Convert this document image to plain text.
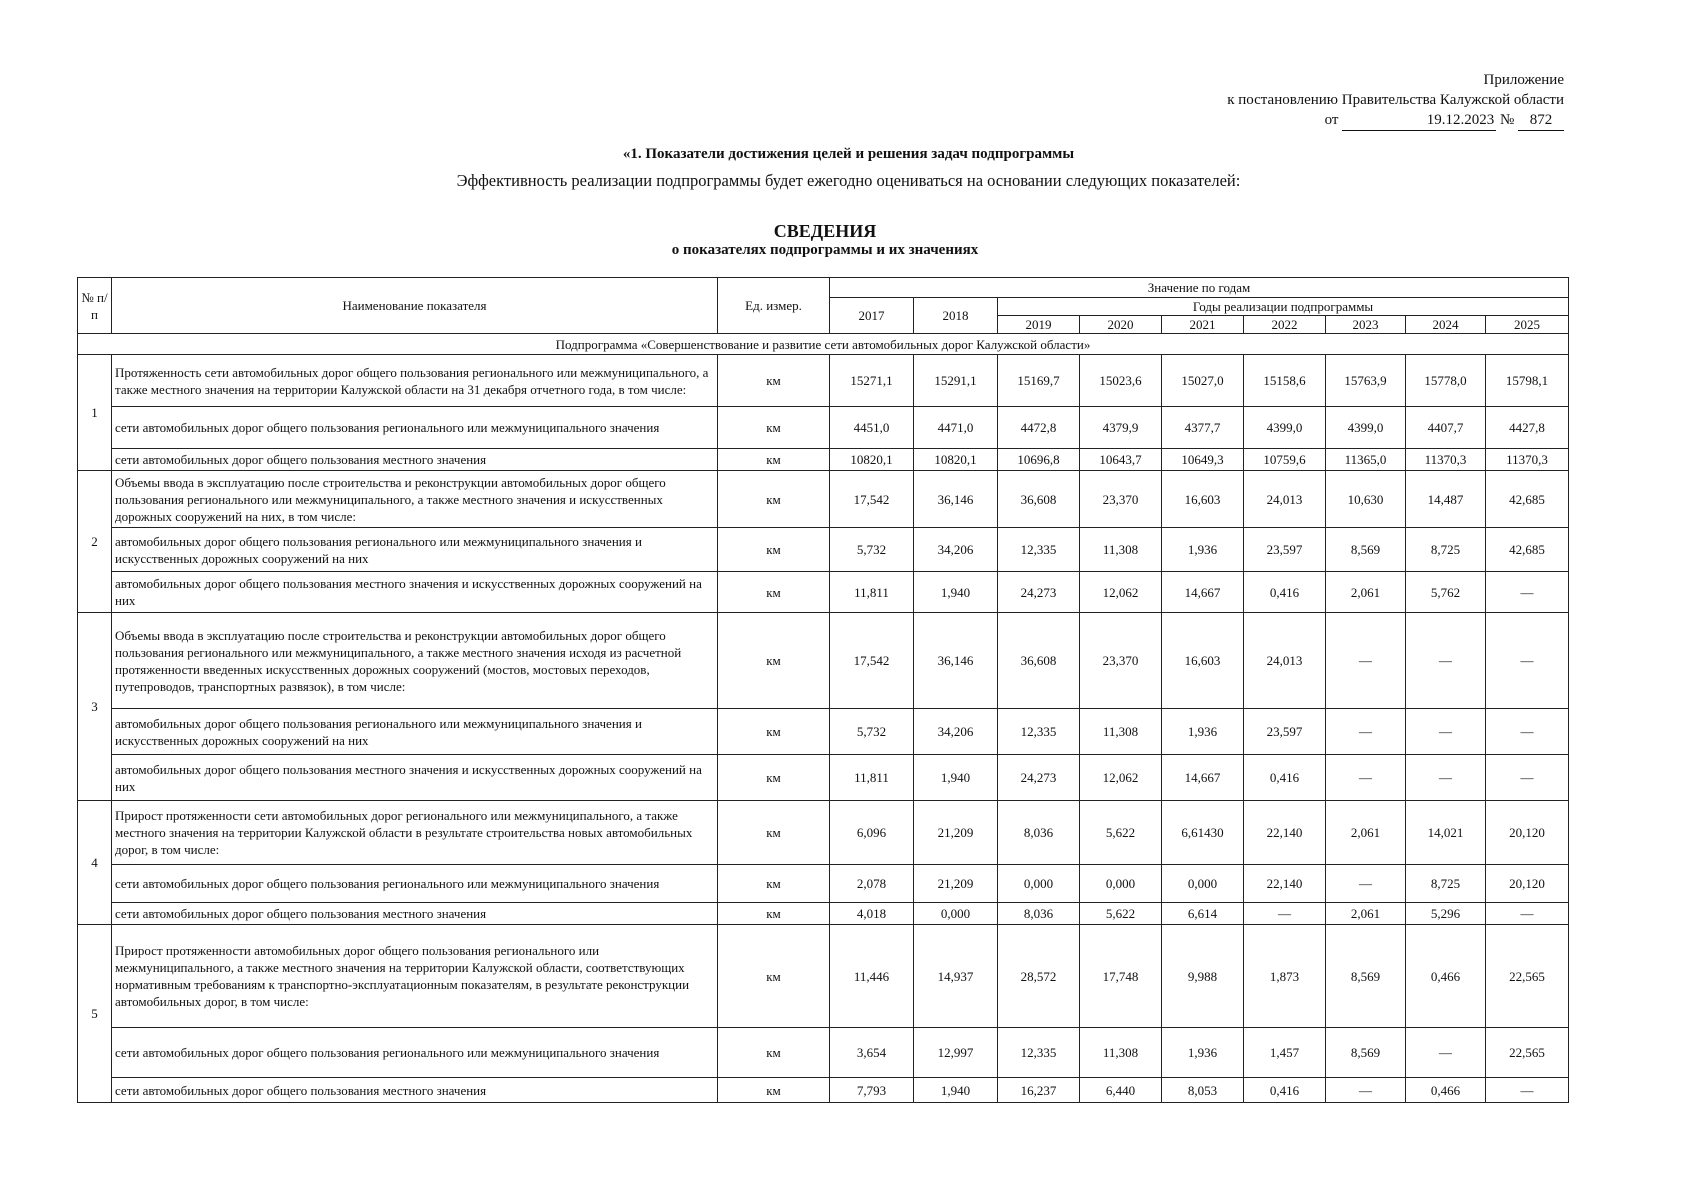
Приложение
к постановлению Правительства Калужской области
от	19.12.2023 № 872
«1. Показатели достижения целей и решения задач подпрограммы
Эффективность реализации подпрограммы будет ежегодно оцениваться на основании следующих показателей:
СВЕДЕНИЯ
о показателях подпрограммы и их значениях
№ п/п	Наименование показателя	Ед. измер.	Значение по годам								
			2017	2018	Годы реализации подпрограммы						
					2019	2020	2021	2022	2023	2024	2025
Подпрограмма «Совершенствование и развитие сети автомобильных дорог Калужской области»											
1	Протяженность сети автомобильных дорог общего пользования регионального или межмуниципального, а также местного значения на территории Калужской области на 31 декабря отчетного года, в том числе:	км	15271,1	15291,1	15169,7	15023,6	15027,0	15158,6	15763,9	15778,0	15798,1
	сети автомобильных дорог общего пользования регионального или межмуниципального значения	км	4451,0	4471,0	4472,8	4379,9	4377,7	4399,0	4399,0	4407,7	4427,8
	сети автомобильных дорог общего пользования местного значения	км	10820,1	10820,1	10696,8	10643,7	10649,3	10759,6	11365,0	11370,3	11370,3
2	Объемы ввода в эксплуатацию после строительства и реконструкции автомобильных дорог общего пользования регионального или межмуниципального, а также местного значения и искусственных дорожных сооружений на них, в том числе:	км	17,542	36,146	36,608	23,370	16,603	24,013	10,630	14,487	42,685
	автомобильных дорог общего пользования регионального или межмуниципального значения и искусственных дорожных сооружений на них	км	5,732	34,206	12,335	11,308	1,936	23,597	8,569	8,725	42,685
	автомобильных дорог общего пользования местного значения и искусственных дорожных сооружений на них	км	11,811	1,940	24,273	12,062	14,667	0,416	2,061	5,762	—
3	Объемы ввода в эксплуатацию после строительства и реконструкции автомобильных дорог общего пользования регионального или межмуниципального, а также местного значения исходя из расчетной протяженности введенных искусственных дорожных сооружений (мостов, мостовых переходов, путепроводов, транспортных развязок), в том числе:	км	17,542	36,146	36,608	23,370	16,603	24,013	—	—	—
	автомобильных дорог общего пользования регионального или межмуниципального значения и искусственных дорожных сооружений на них	км	5,732	34,206	12,335	11,308	1,936	23,597	—	—	—
	автомобильных дорог общего пользования местного значения и искусственных дорожных сооружений на них	км	11,811	1,940	24,273	12,062	14,667	0,416	—	—	—
4	Прирост протяженности сети автомобильных дорог регионального или межмуниципального, а также местного значения на территории Калужской области в результате строительства новых автомобильных дорог, в том числе:	км	6,096	21,209	8,036	5,622	6,61430	22,140	2,061	14,021	20,120
	сети автомобильных дорог общего пользования регионального или межмуниципального значения	км	2,078	21,209	0,000	0,000	0,000	22,140	—	8,725	20,120
	сети автомобильных дорог общего пользования местного значения	км	4,018	0,000	8,036	5,622	6,614	—	2,061	5,296	—
5	Прирост протяженности автомобильных дорог общего пользования регионального или межмуниципального, а также местного значения на территории Калужской области, соответствующих нормативным требованиям к транспортно-эксплуатационным показателям, в результате реконструкции автомобильных дорог, в том числе:	км	11,446	14,937	28,572	17,748	9,988	1,873	8,569	0,466	22,565
	сети автомобильных дорог общего пользования регионального или межмуниципального значения	км	3,654	12,997	12,335	11,308	1,936	1,457	8,569	—	22,565
	сети автомобильных дорог общего пользования местного значения	км	7,793	1,940	16,237	6,440	8,053	0,416	—	0,466	—
